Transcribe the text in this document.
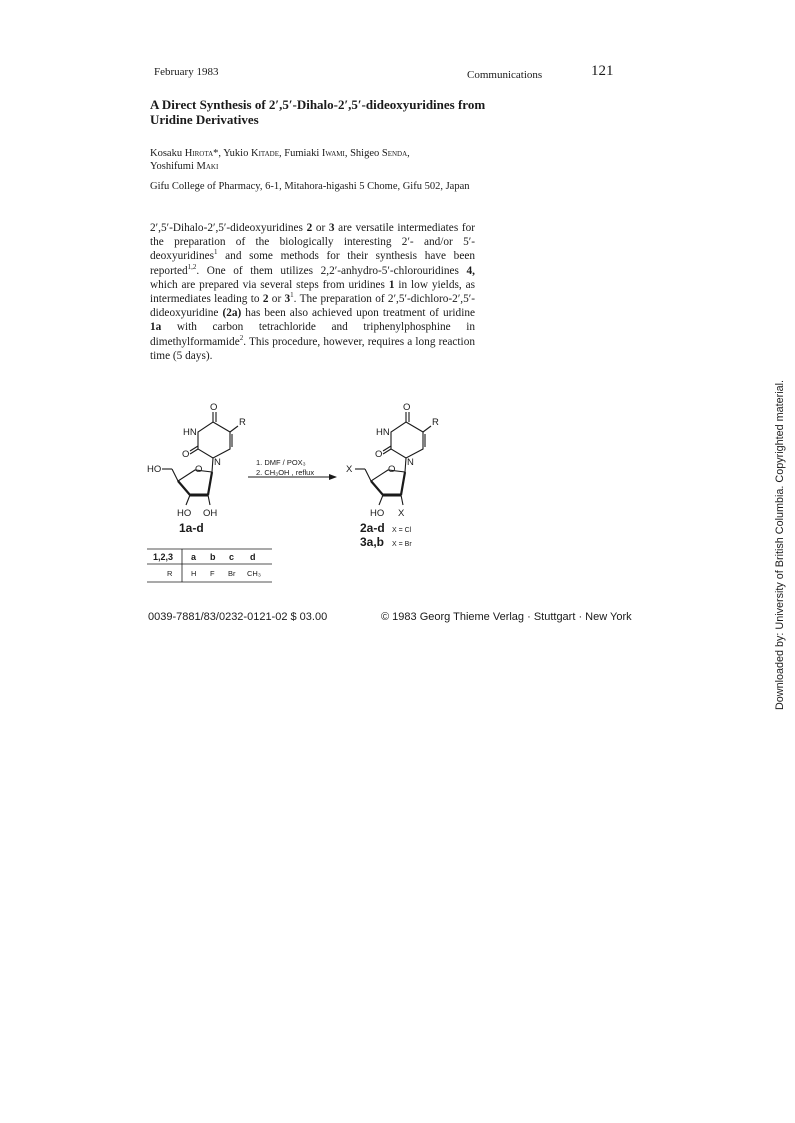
February 1983	Communications	121
A Direct Synthesis of 2′,5′-Dihalo-2′,5′-dideoxyuridines from Uridine Derivatives
Kosaku Hirota*, Yukio Kitade, Fumiaki Iwami, Shigeo Senda,
Yoshifumi Maki
Gifu College of Pharmacy, 6-1, Mitahora-higashi 5 Chome, Gifu 502, Japan

2′,5′-Dihalo-2′,5′-dideoxyuridines 2 or 3 are versatile intermediates for the preparation of the biologically interesting 2′- and/or 5′-deoxyuridines$^1$ and some methods for their synthesis have been reported$^{1,2}$. One of them utilizes 2,2′-anhydro-5′-chlorouridines 4, which are prepared via several steps from uridines 1 in low yields, as intermediates leading to 2 or $3^1$. The preparation of 2′,5′-dichloro-2′,5′-dideoxyuridine (2a) has been also achieved upon treatment of uridine 1a with carbon tetrachloride and triphenylphosphine in dimethylformamide$^2$. This procedure, however, requires a long reaction time (5 days).

O
HN
R
O
N
HO	O
HO OH
1a-d
1. DMF / POX₃
2. CH₃OH , reflux
O
HN
R
O
N
X	O
HO X
2a-d X = Cl
3a,b X = Br
1,2,3 a b c d
R H F Br CH₃
0039-7881/83/0232-0121-02 $ 03.00	© 1983 Georg Thieme Verlag · Stuttgart · New York	Downloaded by: University of British Columbia. Copyrighted material.
